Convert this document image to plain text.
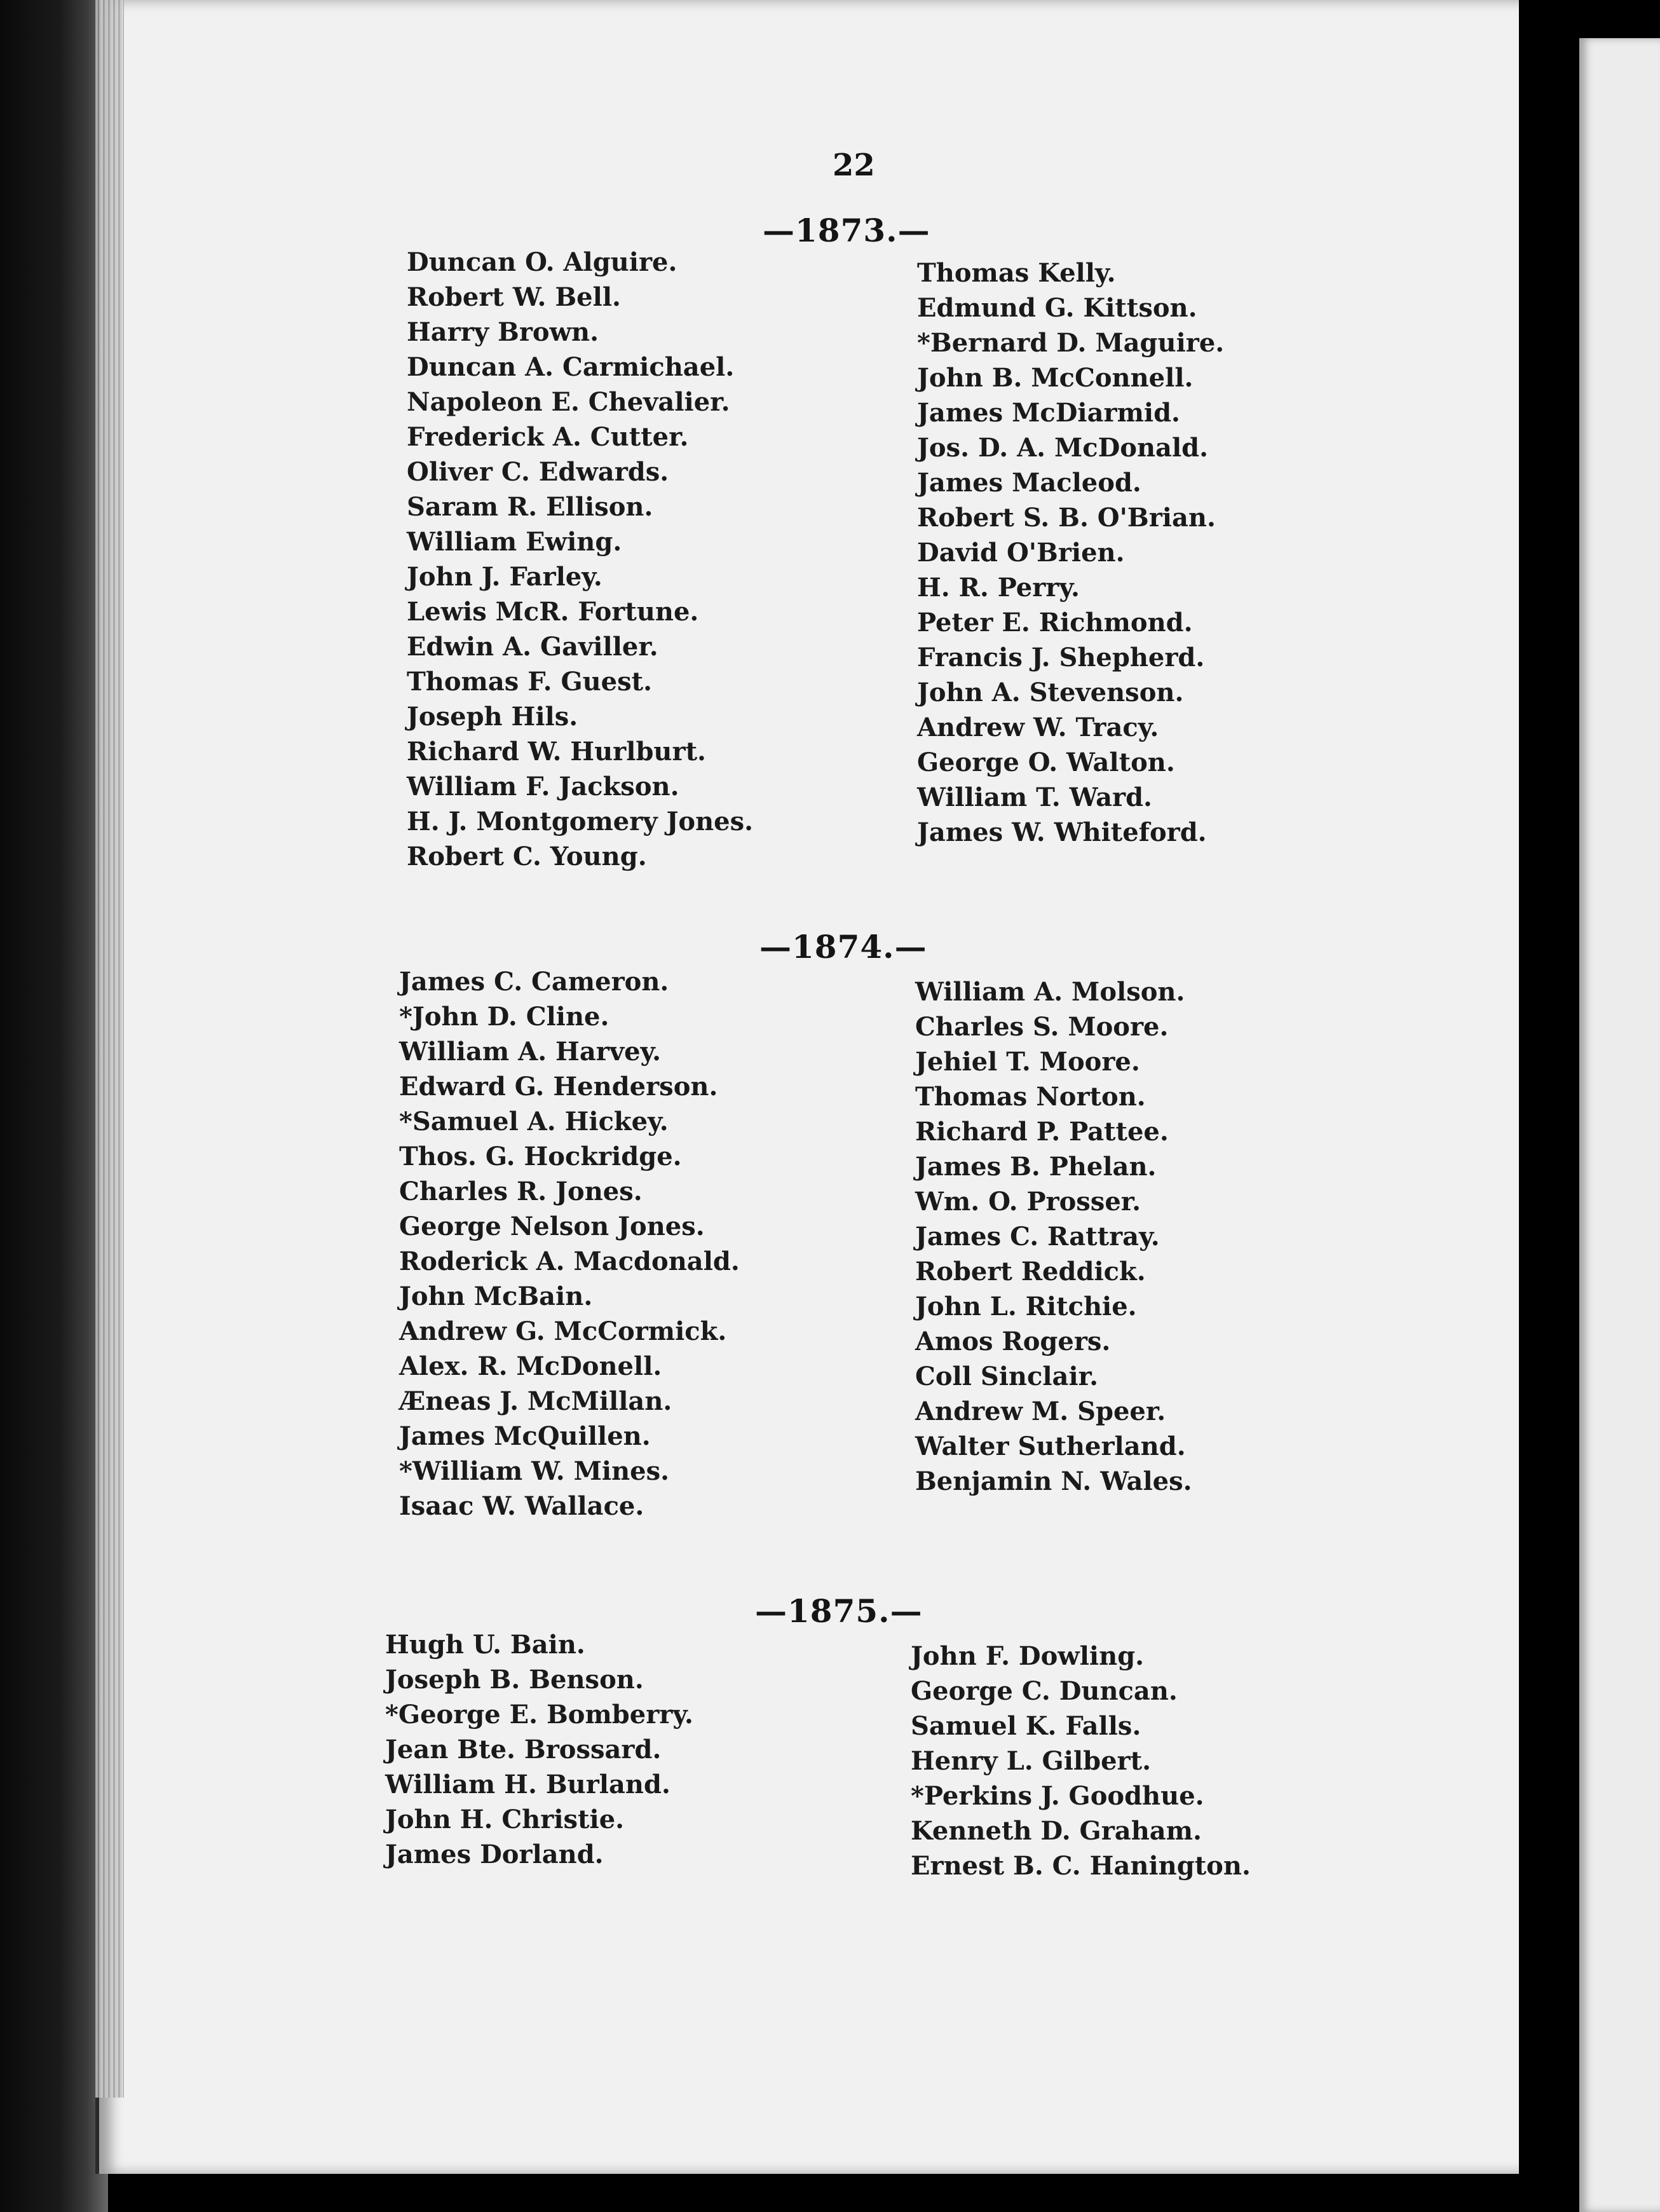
22
—1873.—
Duncan O. Alguire.
Robert W. Bell.
Harry Brown.
Duncan A. Carmichael.
Napoleon E. Chevalier.
Frederick A. Cutter.
Oliver C. Edwards.
Saram R. Ellison.
William Ewing.
John J. Farley.
Lewis McR. Fortune.
Edwin A. Gaviller.
Thomas F. Guest.
Joseph Hils.
Richard W. Hurlburt.
William F. Jackson.
H. J. Montgomery Jones.
Robert C. Young.
Thomas Kelly.
Edmund G. Kittson.
*Bernard D. Maguire.
John B. McConnell.
James McDiarmid.
Jos. D. A. McDonald.
James Macleod.
Robert S. B. O'Brian.
David O'Brien.
H. R. Perry.
Peter E. Richmond.
Francis J. Shepherd.
John A. Stevenson.
Andrew W. Tracy.
George O. Walton.
William T. Ward.
James W. Whiteford.
—1874.—
James C. Cameron.
*John D. Cline.
William A. Harvey.
Edward G. Henderson.
*Samuel A. Hickey.
Thos. G. Hockridge.
Charles R. Jones.
George Nelson Jones.
Roderick A. Macdonald.
John McBain.
Andrew G. McCormick.
Alex. R. McDonell.
Æneas J. McMillan.
James McQuillen.
*William W. Mines.
Isaac W. Wallace.
William A. Molson.
Charles S. Moore.
Jehiel T. Moore.
Thomas Norton.
Richard P. Pattee.
James B. Phelan.
Wm. O. Prosser.
James C. Rattray.
Robert Reddick.
John L. Ritchie.
Amos Rogers.
Coll Sinclair.
Andrew M. Speer.
Walter Sutherland.
Benjamin N. Wales.
—1875.—
Hugh U. Bain.
Joseph B. Benson.
*George E. Bomberry.
Jean Bte. Brossard.
William H. Burland.
John H. Christie.
James Dorland.
John F. Dowling.
George C. Duncan.
Samuel K. Falls.
Henry L. Gilbert.
*Perkins J. Goodhue.
Kenneth D. Graham.
Ernest B. C. Hanington.
